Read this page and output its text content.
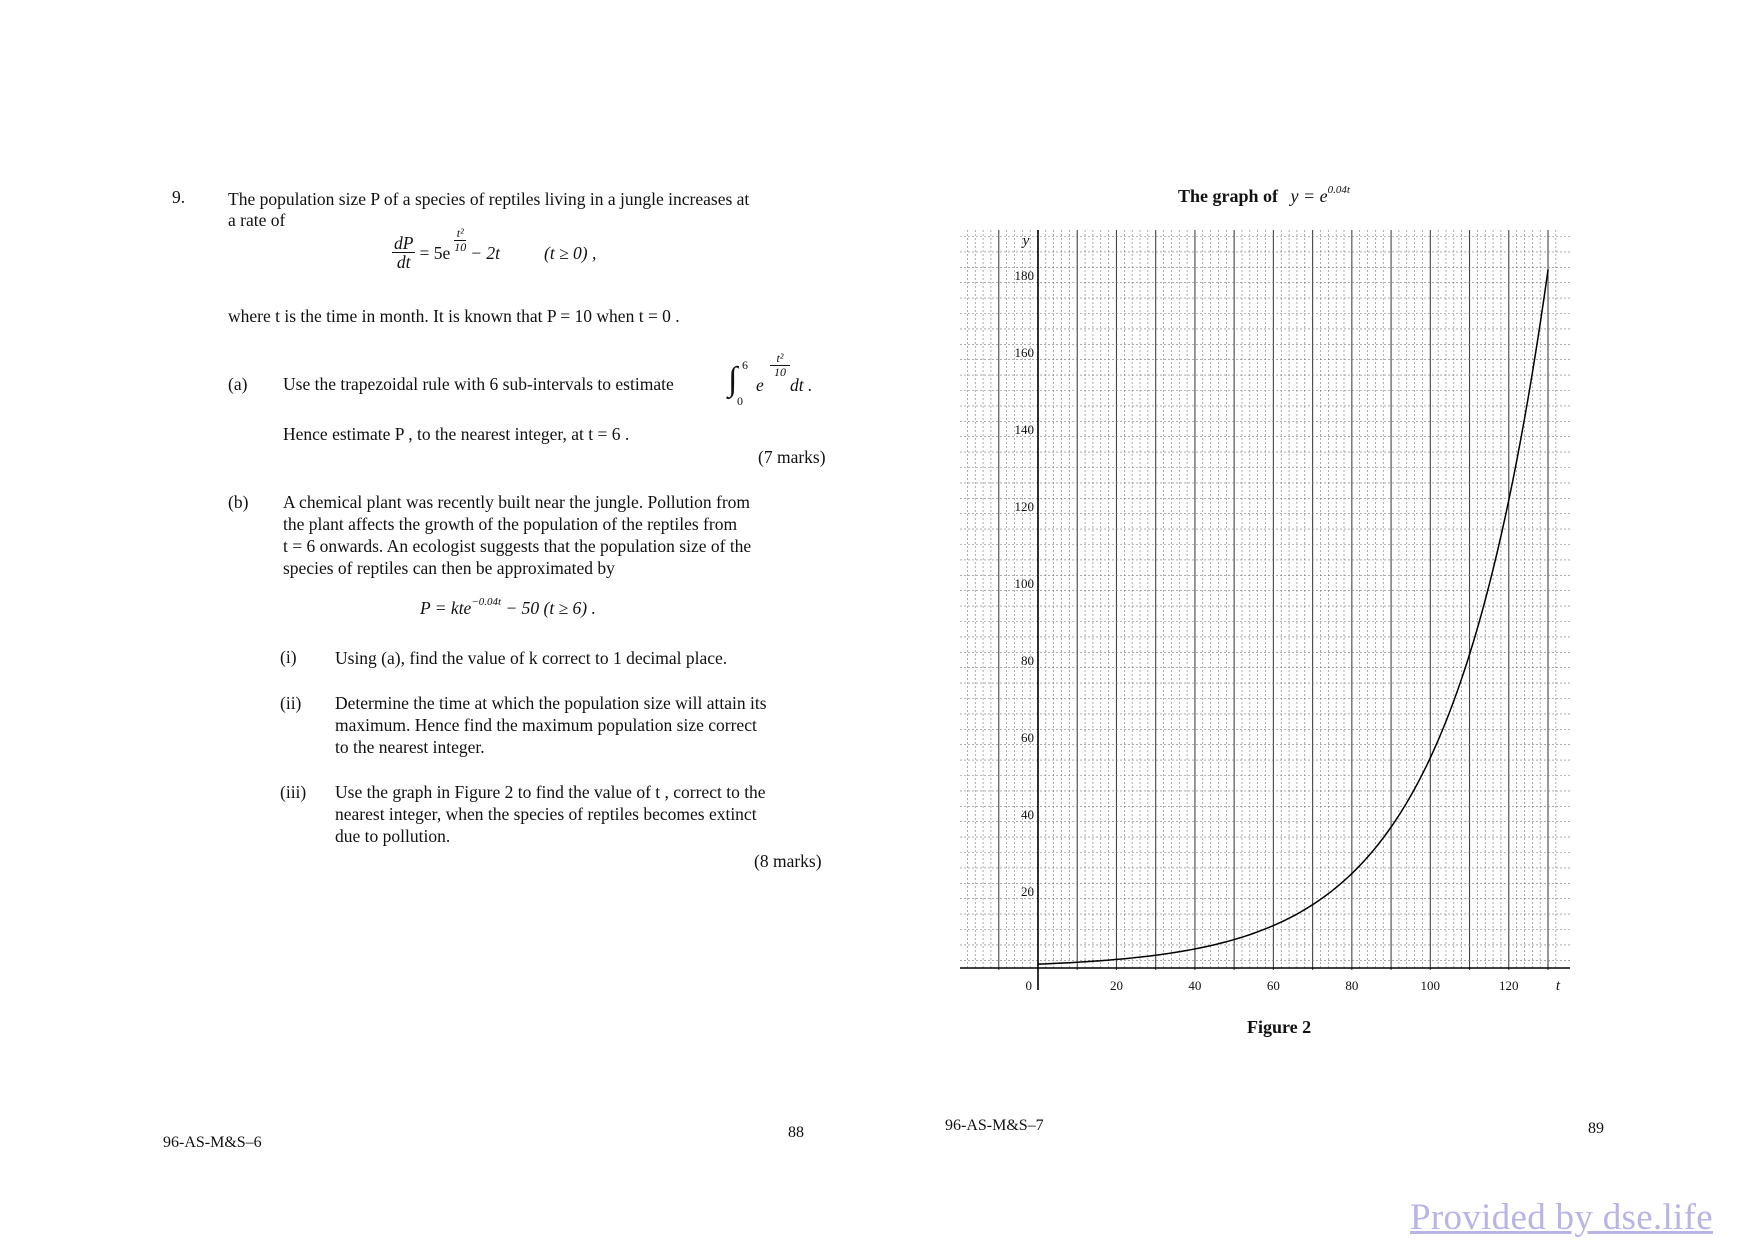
9. The population size P of a species of reptiles living in a jungle increases at
a rate of
$\frac{dP}{dt} = 5e \frac{\text{t²}}{10} - 2t$	(t ≥ 0) ,
where t is the time in month. It is known that P = 10 when t = 0 .
(a) Use the trapezoidal rule with 6 sub-intervals to estimate ∫ 6
0
e
$\frac{\text{t²}}{10}$
dt .
Hence estimate P , to the nearest integer, at t = 6 .
(7 marks)
(b) A chemical plant was recently built near the jungle. Pollution from
the plant affects the growth of the population of the reptiles from
t = 6 onwards. An ecologist suggests that the population size of the
species of reptiles can then be approximated by
P = kte$^{-0.04t}$ − 50 (t ≥ 6) .
(i) Using (a), find the value of k correct to 1 decimal place.
(ii) Determine the time at which the population size will attain its
maximum. Hence find the maximum population size correct
to the nearest integer.
(iii) Use the graph in Figure 2 to find the value of t , correct to the
nearest integer, when the species of reptiles becomes extinct
due to pollution.
(8 marks)
The graph of $y = e^{0.04t}$
20
40
60
80
100
120
140
160
180
20	40	60	80	100	120
0
y
t
Figure 2
96-AS-M&S–6
88	96-AS-M&S–7	89
Provided by dse.life
